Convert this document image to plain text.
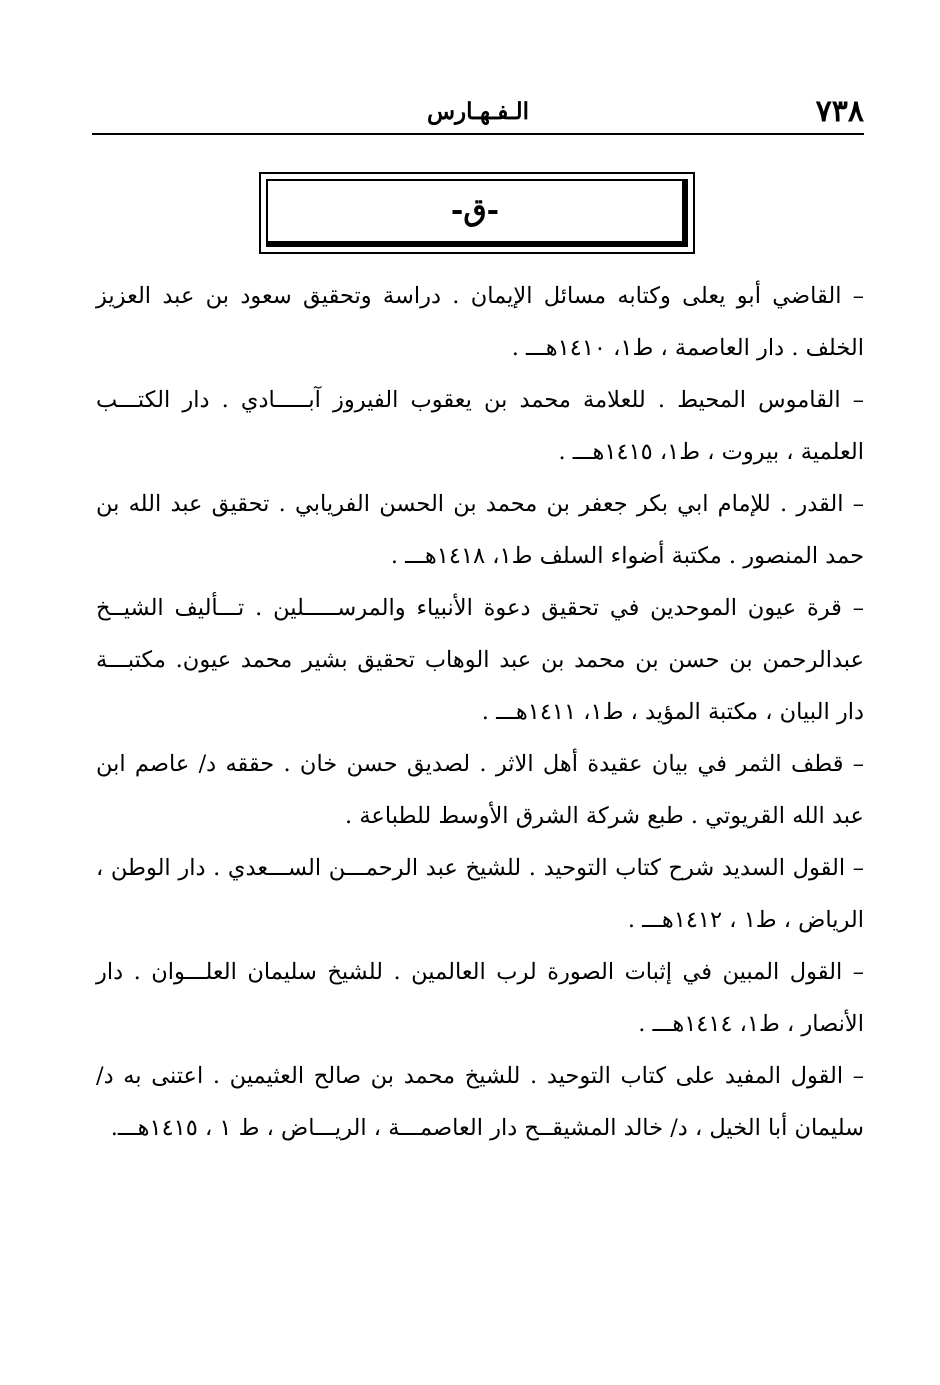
٧٣٨
الـفـهـارس
-ق-

– القاضي أبو يعلى وكتابه مسائل الإيمان . دراسة وتحقيق سعود بن عبد العزيز الخلف . دار العاصمة ، ط١، ١٤١٠هـــ .

– القاموس المحيط . للعلامة محمد بن يعقوب الفيروز آبـــــادي . دار الكتـــب العلمية ، بيروت ، ط١، ١٤١٥هـــ .

– القدر . للإمام ابي بكر جعفر بن محمد بن الحسن الفريابي . تحقيق عبد الله بن حمد المنصور . مكتبة أضواء السلف ط١، ١٤١٨هـــ .

– قرة عيون الموحدين في تحقيق دعوة الأنبياء والمرســـــلين . تـــأليف الشيــخ عبدالرحمن بن حسن بن محمد بن عبد الوهاب تحقيق بشير محمد عيون. مكتبـــة دار البيان ، مكتبة المؤيد ، ط١، ١٤١١هـــ .

– قطف الثمر في بيان عقيدة أهل الاثر . لصديق حسن خان . حققه د/ عاصم ابن عبد الله القريوتي . طبع شركة الشرق الأوسط للطباعة .

– القول السديد شرح كتاب التوحيد . للشيخ عبد الرحمـــن الســـعدي . دار الوطن ، الرياض ، ط١ ، ١٤١٢هـــ .

– القول المبين في إثبات الصورة لرب العالمين . للشيخ سليمان العلـــوان . دار الأنصار ، ط١، ١٤١٤هـــ .

– القول المفيد على كتاب التوحيد . للشيخ محمد بن صالح العثيمين . اعتنى به د/ سليمان أبا الخيل ، د/ خالد المشيقــح دار العاصمـــة ، الريـــاض ، ط ١ ، ١٤١٥هـــ.
